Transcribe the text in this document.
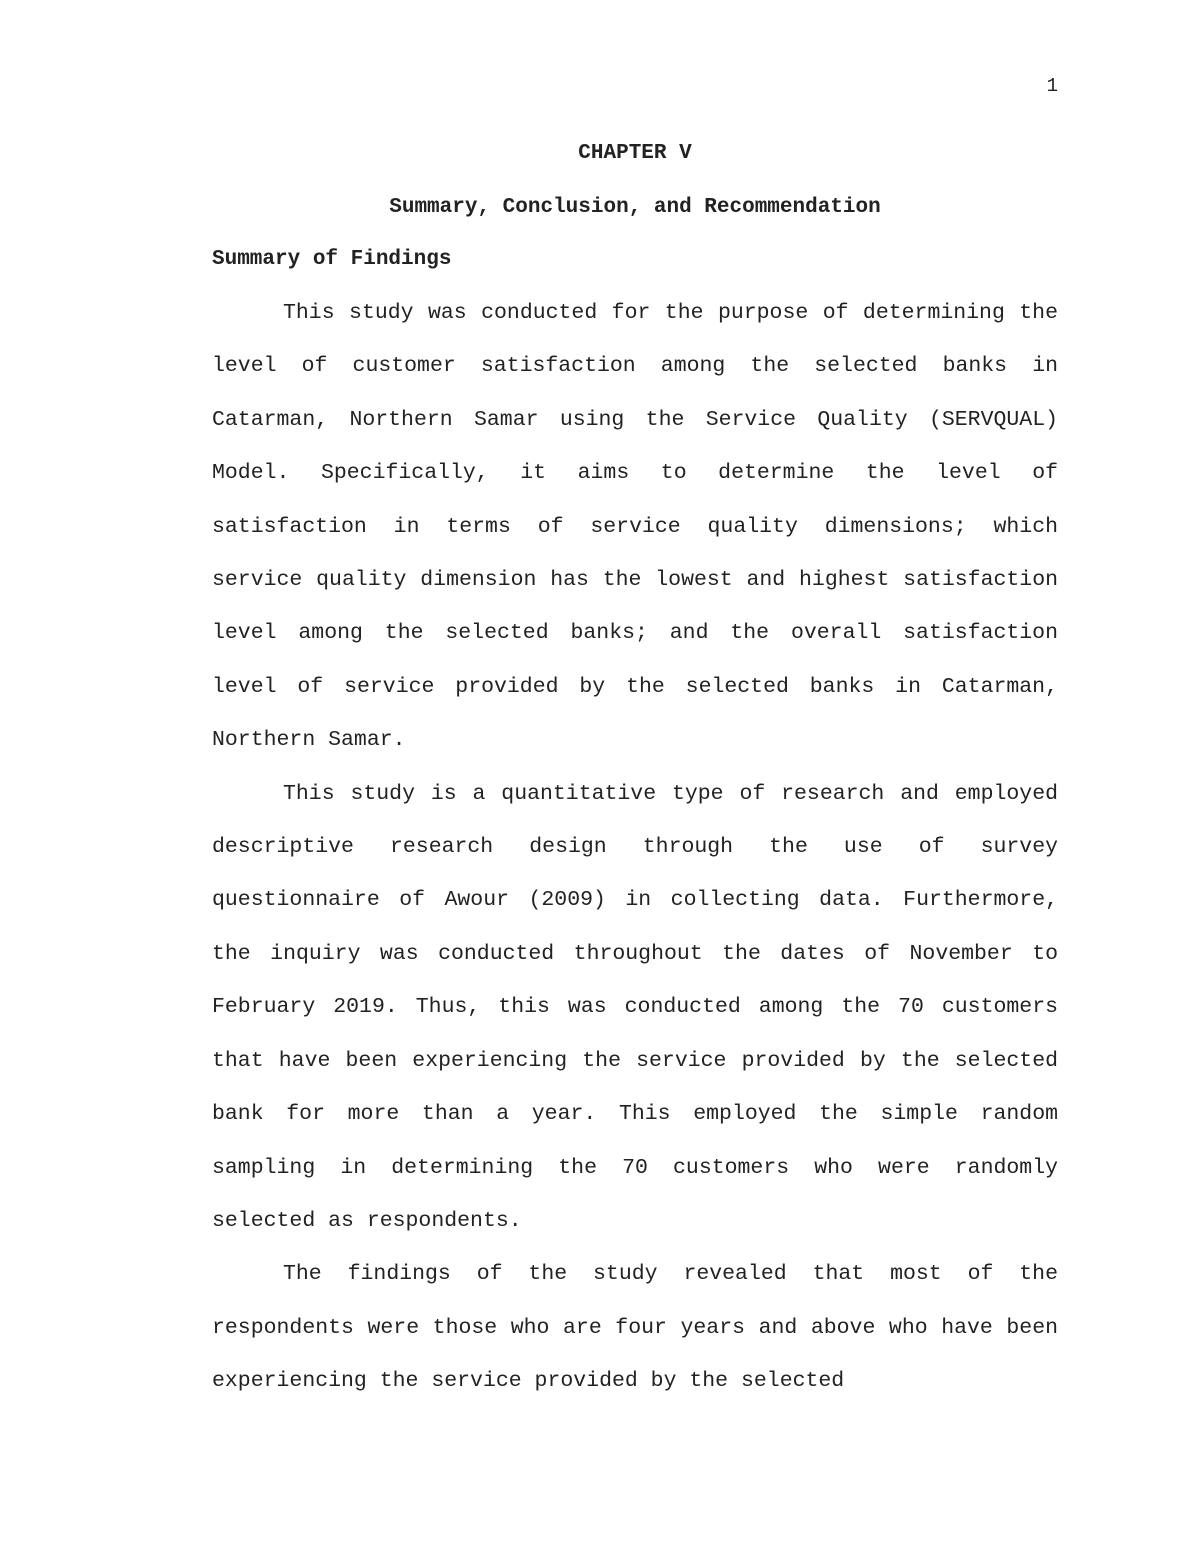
1
CHAPTER V
Summary, Conclusion, and Recommendation
Summary of Findings

This study was conducted for the purpose of determining the level of customer satisfaction among the selected banks in Catarman, Northern Samar using the Service Quality (SERVQUAL) Model. Specifically, it aims to determine the level of satisfaction in terms of service quality dimensions; which service quality dimension has the lowest and highest satisfaction level among the selected banks; and the overall satisfaction level of service provided by the selected banks in Catarman, Northern Samar.

This study is a quantitative type of research and employed descriptive research design through the use of survey questionnaire of Awour (2009) in collecting data. Furthermore, the inquiry was conducted throughout the dates of November to February 2019. Thus, this was conducted among the 70 customers that have been experiencing the service provided by the selected bank for more than a year. This employed the simple random sampling in determining the 70 customers who were randomly selected as respondents.

The findings of the study revealed that most of the respondents were those who are four years and above who have been experiencing the service provided by the selected
